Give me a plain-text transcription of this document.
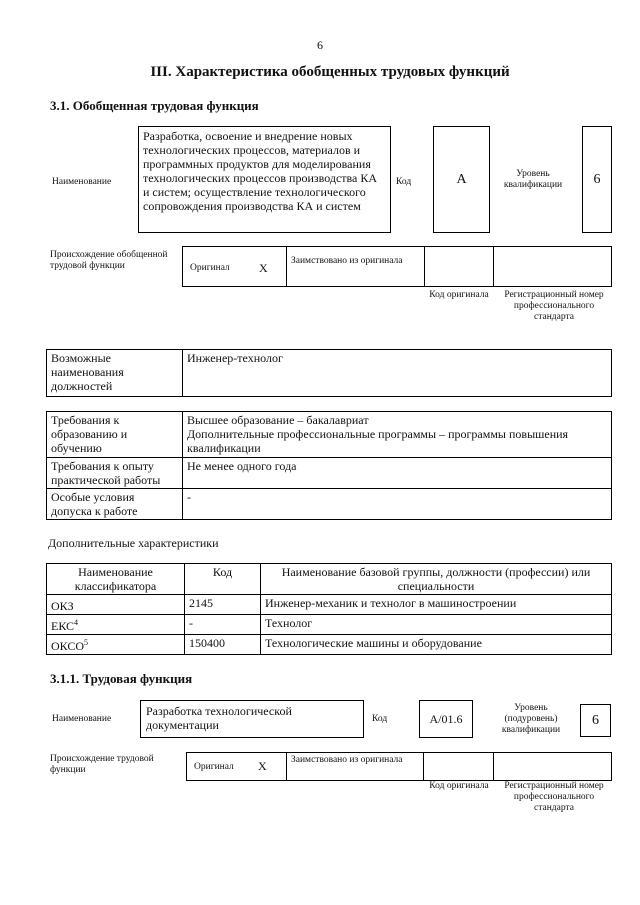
6
III. Характеристика обобщенных трудовых функций
3.1. Обобщенная трудовая функция
Наименование
Разработка, освоение и внедрение новых технологических процессов, материалов и программных продуктов для моделирования технологических процессов производства КА и систем; осуществление технологического сопровождения производства КА и систем
Код	А	Уровень квалификации	6
Происхождение обобщенной трудовой функции	Оригинал Х Заимствовано из оригинала
Код оригинала	Регистрационный номер профессионального стандарта
Возможные наименования должностей	Инженер-технолог
Требования к образованию и обучению	Высшее образование – бакалавриат
Дополнительные профессиональные программы – программы повышения квалификации
Требования к опыту практической работы	Не менее одного года
Особые условия допуска к работе	-
Дополнительные характеристики
Наименование классификатора	Код	Наименование базовой группы, должности (профессии) или специальности
ОКЗ	2145	Инженер-механик и технолог в машиностроении
ЕКС$^4$	-	Технолог
ОКСО$^5$	150400	Технологические машины и оборудование
3.1.1. Трудовая функция
Наименование
Разработка технологической документации	Код	А/01.6
Уровень (подуровень) квалификации
6
Происхождение трудовой функции	Оригинал Х	Заимствовано из оригинала
Код оригинала	Регистрационный номер профессионального стандарта
